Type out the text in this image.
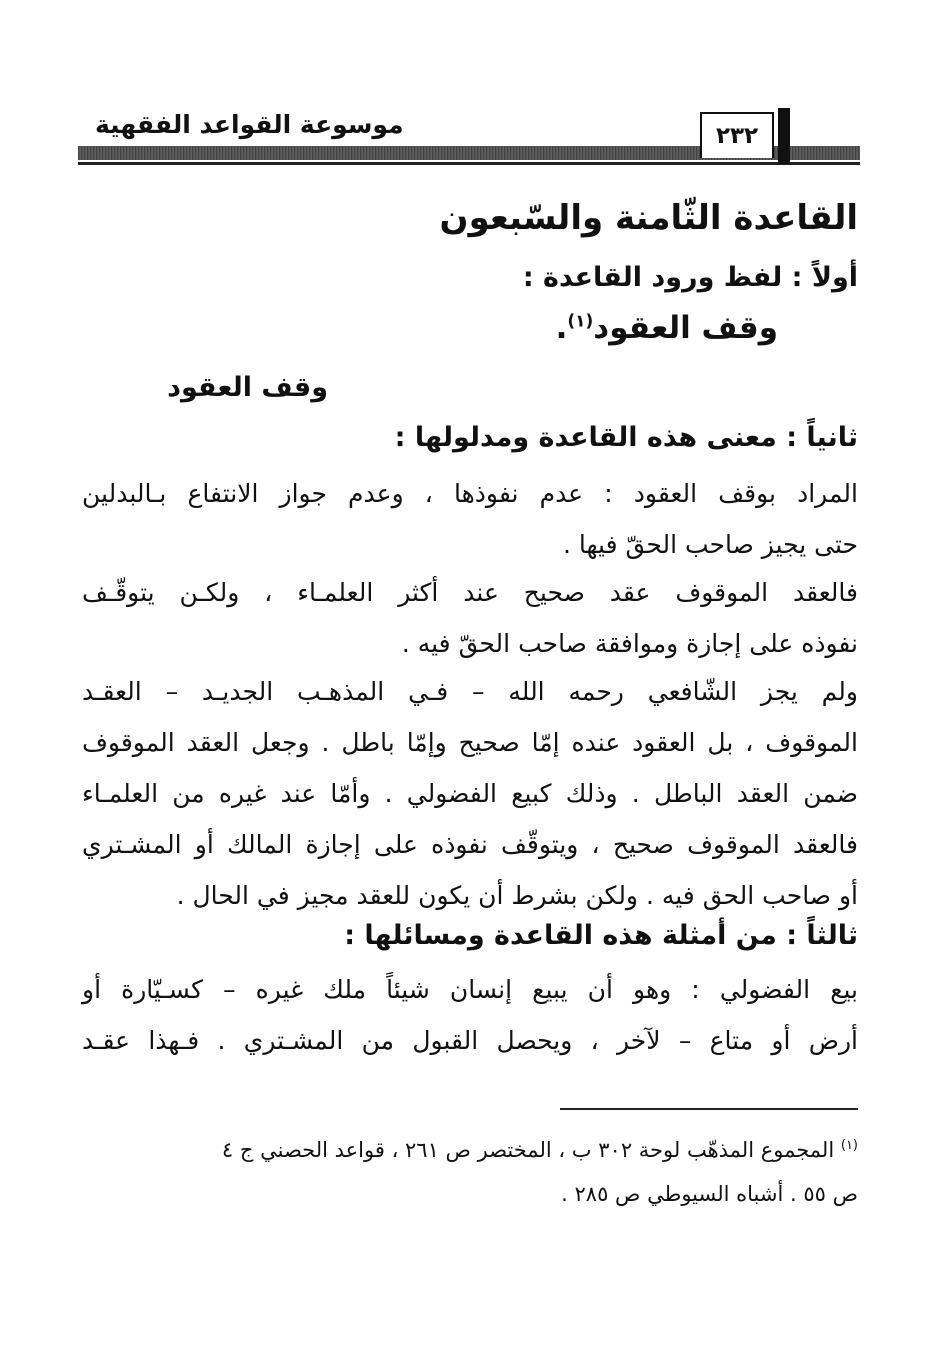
موسوعة القواعد الفقهية	٢٣٢
القاعدة الثّامنة والسّبعون
أولاً : لفظ ورود القاعدة :
وقف العقود$^{(١)}$.
وقف العقود
ثانياً : معنى هذه القاعدة ومدلولها :
المراد بوقف العقود : عدم نفوذها ، وعدم جواز الانتفاع بـالبدلين
حتى يجيز صاحب الحقّ فيها .
فالعقد الموقوف عقد صحيح عند أكثر العلمـاء ، ولكـن يتوقّـف
نفوذه على إجازة وموافقة صاحب الحقّ فيه .
ولم يجز الشّافعي رحمه الله – فـي المذهـب الجديـد – العقـد
الموقوف ، بل العقود عنده إمّا صحيح وإمّا باطل . وجعل العقد الموقوف
ضمن العقد الباطل . وذلك كبيع الفضولي . وأمّا عند غيره من العلمـاء
فالعقد الموقوف صحيح ، ويتوقّف نفوذه على إجازة المالك أو المشـتري
أو صاحب الحق فيه . ولكن بشرط أن يكون للعقد مجيز في الحال .
ثالثاً : من أمثلة هذه القاعدة ومسائلها :
بيع الفضولي : وهو أن يبيع إنسان شيئاً ملك غيره – كسـيّارة أو
أرض أو متاع – لآخر ، ويحصل القبول من المشـتري . فـهذا عقـد
$^{(١)}$ المجموع المذهّب لوحة ٣٠٢ ب ، المختصر ص ٢٦١ ، قواعد الحصني ج ٤
ص ٥٥ . أشباه السيوطي ص ٢٨٥ .
